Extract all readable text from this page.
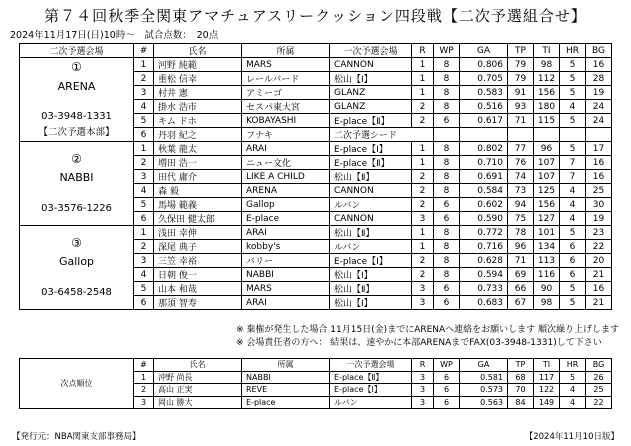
第７４回秋季全関東アマチュアスリークッション四段戦【二次予選組合せ】
2024年11月17日(日)10時～　試合点数：　20点
二次予選会場	#	氏名	所属	一次予選会場	R	WP	GA	TP	TI	HR	BG

①
ARENA

03-3948-1331
【二次予選本部】	1	河野 純範	MARS	CANNON	1	8	0.806	79	98	5	16
	2	重松 信幸	レールバード	松山【Ⅰ】	1	8	0.705	79	112	5	28
	3	村井 憲	アミーゴ	GLANZ	1	8	0.583	91	156	5	19
	4	掛水 浩市	セスパ東大宮	GLANZ	2	8	0.516	93	180	4	24
	5	キム ドホ	KOBAYASHI	E-place【Ⅱ】	2	6	0.617	71	115	5	24
	6	丹羽 紀之	フナキ	二次予選シード							

②
NABBI

03-3576-1226	1	秋葉 龍太	ARAI	E-place【Ⅰ】	1	8	0.802	77	96	5	17
	2	増田 浩一	ニュー文化	E-place【Ⅱ】	1	8	0.710	76	107	7	16
	3	田代 庸介	LIKE A CHILD	松山【Ⅱ】	2	8	0.691	74	107	7	16
	4	森 毅	ARENA	CANNON	2	8	0.584	73	125	4	25
	5	馬場 範義	Gallop	ルバン	2	6	0.602	94	156	4	30
	6	久保田 健太郎	E-place	CANNON	3	6	0.590	75	127	4	19

③
Gallop

03-6458-2548	1	浅田 幸伸	ARAI	松山【Ⅱ】	1	8	0.772	78	101	5	23
	2	深尾 典子	kobby's	ルバン	1	8	0.716	96	134	6	22
	3	三笠 幸裕	バリー	E-place【Ⅰ】	2	8	0.628	71	113	6	20
	4	日朝 俊一	NABBI	松山【Ⅰ】	2	8	0.594	69	116	6	21
	5	山本 和哉	MARS	松山【Ⅱ】	3	6	0.733	66	90	5	16
	6	那須 智寿	ARAI	松山【Ⅰ】	3	6	0.683	67	98	5	21
※ 棄権が発生した場合 11月15日(金)までにARENAへ連絡をお願いします 順次繰り上げします
※ 会場責任者の方へ： 結果は、速やかに本部ARENAまでFAX(03-3948-1331)して下さい
次点順位	#	氏名	所属	一次予選会場	R	WP	GA	TP	TI	HR	BG
	1	沖野 尚長	NABBI	E-place【Ⅱ】	3	6	0.581	68	117	5	26
	2	高山 正実	REVE	E-place【Ⅰ】	3	6	0.573	70	122	4	25
	3	岡山 勝大	E-place	ルバン	3	6	0.563	84	149	4	22
【発行元：NBA関東支部事務局】	【2024年11月10日版】
